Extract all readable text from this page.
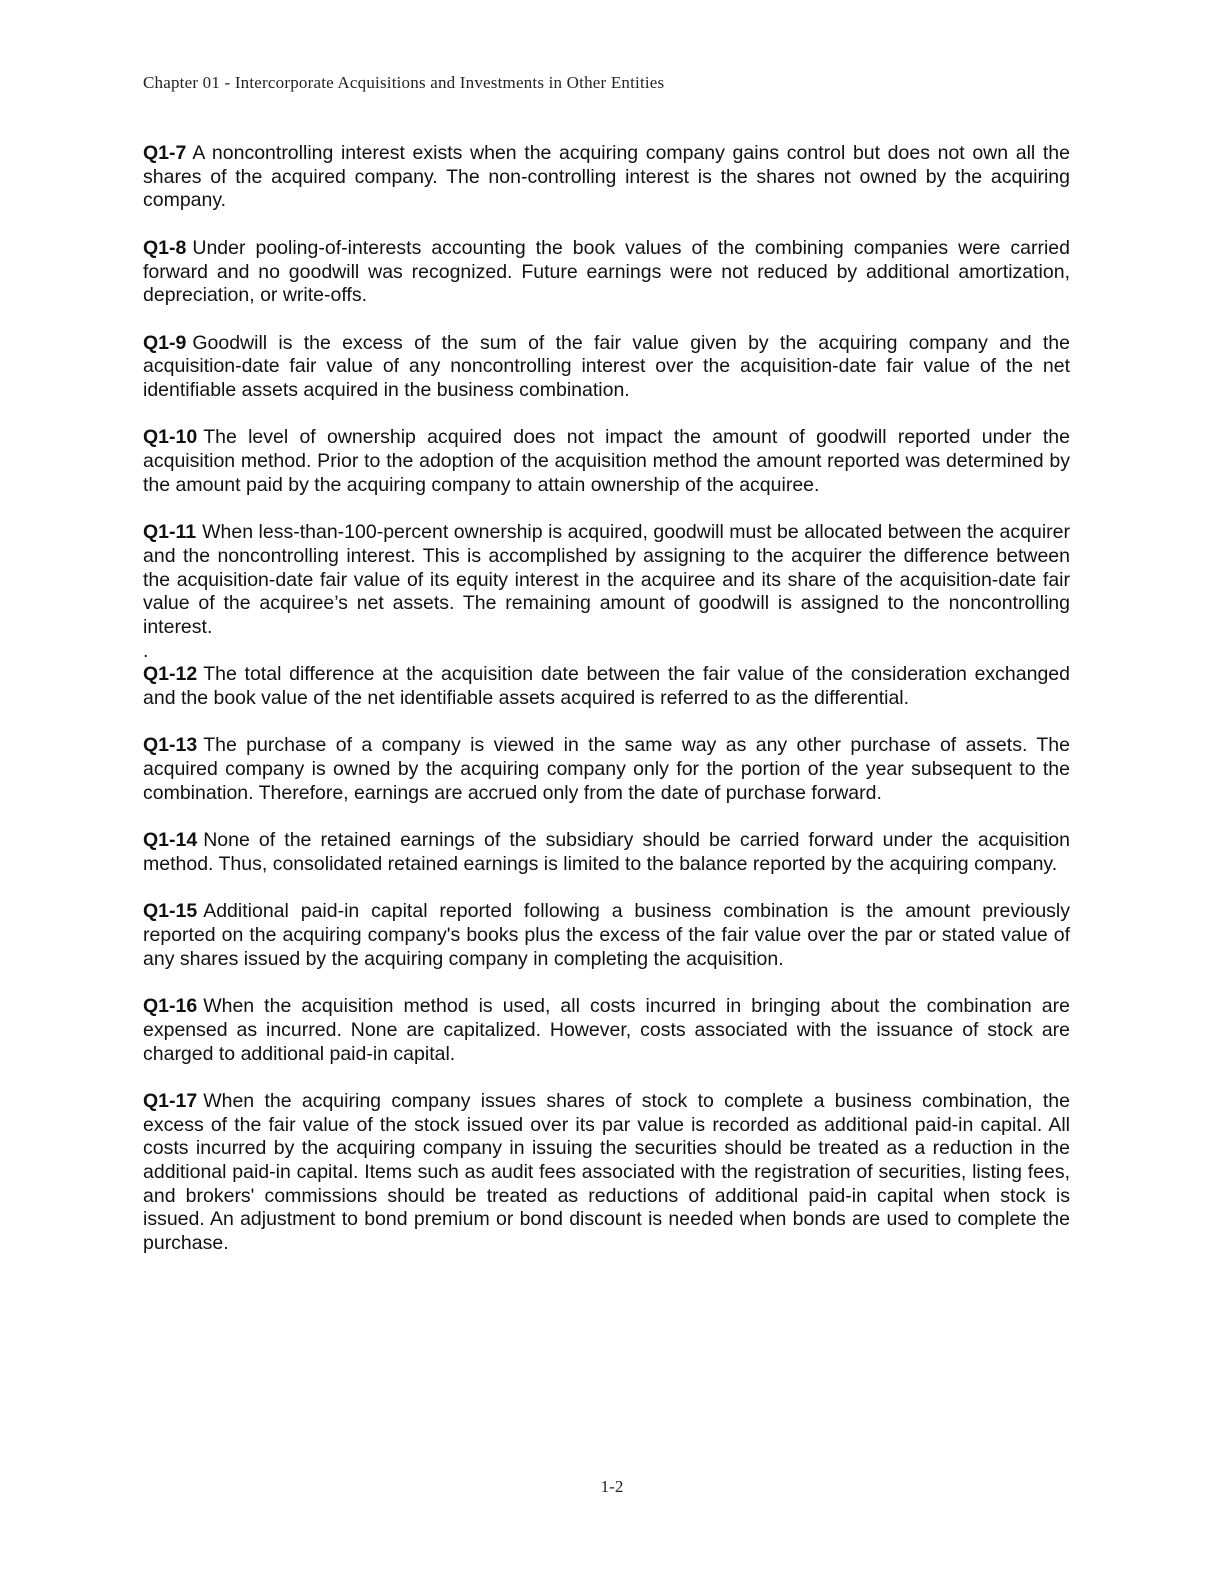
Chapter 01 - Intercorporate Acquisitions and Investments in Other Entities

Q1-7 A noncontrolling interest exists when the acquiring company gains control but does not own all the shares of the acquired company. The non-controlling interest is the shares not owned by the acquiring company.

Q1-8 Under pooling-of-interests accounting the book values of the combining companies were carried forward and no goodwill was recognized. Future earnings were not reduced by additional amortization, depreciation, or write-offs.

Q1-9 Goodwill is the excess of the sum of the fair value given by the acquiring company and the acquisition-date fair value of any noncontrolling interest over the acquisition-date fair value of the net identifiable assets acquired in the business combination.

Q1-10 The level of ownership acquired does not impact the amount of goodwill reported under the acquisition method. Prior to the adoption of the acquisition method the amount reported was determined by the amount paid by the acquiring company to attain ownership of the acquiree.

Q1-11 When less-than-100-percent ownership is acquired, goodwill must be allocated between the acquirer and the noncontrolling interest. This is accomplished by assigning to the acquirer the difference between the acquisition-date fair value of its equity interest in the acquiree and its share of the acquisition-date fair value of the acquiree’s net assets. The remaining amount of goodwill is assigned to the noncontrolling interest.

.

Q1-12 The total difference at the acquisition date between the fair value of the consideration exchanged and the book value of the net identifiable assets acquired is referred to as the differential.

Q1-13 The purchase of a company is viewed in the same way as any other purchase of assets. The acquired company is owned by the acquiring company only for the portion of the year subsequent to the combination. Therefore, earnings are accrued only from the date of purchase forward.

Q1-14 None of the retained earnings of the subsidiary should be carried forward under the acquisition method. Thus, consolidated retained earnings is limited to the balance reported by the acquiring company.

Q1-15 Additional paid-in capital reported following a business combination is the amount previously reported on the acquiring company's books plus the excess of the fair value over the par or stated value of any shares issued by the acquiring company in completing the acquisition.

Q1-16 When the acquisition method is used, all costs incurred in bringing about the combination are expensed as incurred. None are capitalized. However, costs associated with the issuance of stock are charged to additional paid-in capital.

Q1-17 When the acquiring company issues shares of stock to complete a business combination, the excess of the fair value of the stock issued over its par value is recorded as additional paid-in capital. All costs incurred by the acquiring company in issuing the securities should be treated as a reduction in the additional paid-in capital. Items such as audit fees associated with the registration of securities, listing fees, and brokers' commissions should be treated as reductions of additional paid-in capital when stock is issued. An adjustment to bond premium or bond discount is needed when bonds are used to complete the purchase.

1-2
